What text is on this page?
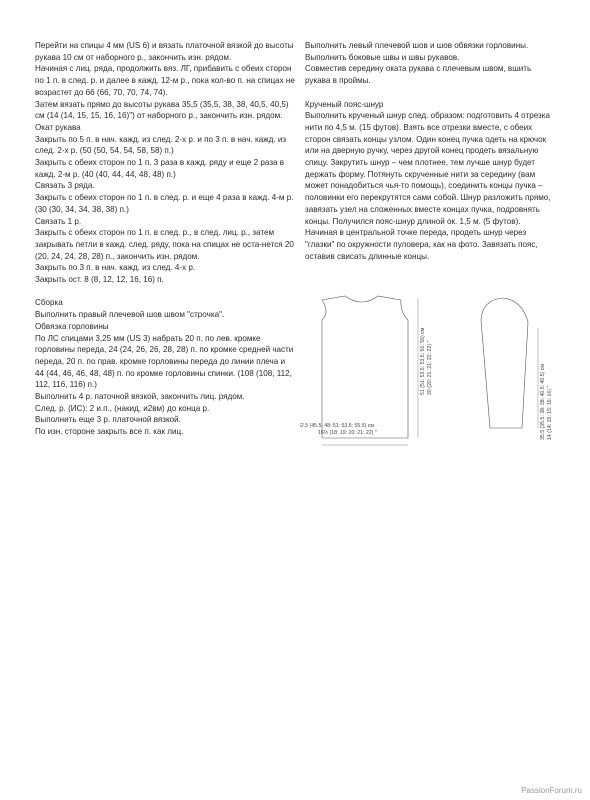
Перейти на спицы 4 мм (US 6) и вязать платочной вязкой до высоты рукава 10 см от наборного р., закончить изн. рядом.

Начиная с лиц. ряда, продолжить вяз. ЛГ, прибавить с обеих сторон по 1 п. в след. р. и далее в кажд. 12-м р., пока кол-во п. на спицах не возрастет до 66 (66, 70, 70, 74, 74).

Затем вязать прямо до высоты рукава 35,5 (35,5, 38, 38, 40,5, 40,5) см (14 (14, 15, 15, 16, 16)") от наборного р., закончить изн. рядом.

Окат рукава

Закрыть по 5 п. в нач. кажд. из след. 2-х р. и по 3 п. в нач. кажд. из след. 2-х р. (50 (50, 54, 54, 58, 58) п.)

Закрыть с обеих сторон по 1 п. 3 раза в кажд. ряду и еще 2 раза в кажд. 2-м р. (40 (40, 44, 44, 48, 48) п.)

Связать 3 ряда.

Закрыть с обеих сторон по 1 п. в след. р. и еще 4 раза в кажд. 4-м р. (30 (30, 34, 34, 38, 38) п.)

Связать 1 р.

Закрыть с обеих сторон по 1 п. в след. р., в след. лиц. р., затем закрывать петли в кажд. след. ряду, пока на спицах не оста-нется 20 (20, 24, 24, 28, 28) п., закончить изн. рядом.

Закрыть по 3 п. в нач. кажд. из след. 4-х р.

Закрыть ост. 8 (8, 12, 12, 16, 16) п.

Сборка

Выполнить правый плечевой шов швом "строчка".

Обвязка горловины

По ЛС спицами 3,25 мм (US 3) набрать 20 п. по лев. кромке горловины переда, 24 (24, 26, 26, 28, 28) п. по кромке средней части переда, 20 п. по прав. кромке горловины переда до линии плеча и 44 (44, 46, 46, 48, 48) п. по кромке горловины спинки. (108 (108, 112, 112, 116, 116) п.)

Выполнить 4 р. паточной вязкой, закончить лиц. рядом.

След. р. (ИС): 2 и.п., (накид, и2вм) до конца р.

Выполнить еще 3 р. платочной вязкой.

По изн. стороне закрыть все п. как лиц.

Выполнить левый плечевой шов и шов обвязки горловины.

Выполнить боковые швы и швы рукавов.

Совместив середину оката рукава с плечевым швом, вшить рукава в проймы.

Крученый пояс-шнур

Выполнить крученый шнур след. образом: подготовить 4 отрезка нити по 4,5 м. (15 футов). Взять все отрезки вместе, с обеих сторон связать концы узлом. Один конец пучка одеть на крючок или на дверную ручку, через другой конец продеть вязальную спицу. Закрутить шнур – чем плотнее, тем лучше шнур будет держать форму. Потянуть скрученные нити за середину (вам может понадобиться чья-то помощь), соединить концы пучка – половинки его перекрутятся сами собой. Шнур разложить прямо, завязать узел на сложенных вместе концах пучка, подровнять концы. Получился пояс-шнур длиной ок. 1,5 м. (5 футов).

Начиная в центральной точке переда, продеть шнур через "глазки" по окружности пуловера, как на фото. Завязать пояс, оставив свисать длинные концы.

51 (51: 53.5: 53.5: 56: 56) см 20 (20: 21: 21: 22: 22) "
42.5 (45.5: 48: 51: 53.5: 55.5) см
16½ (18: 19: 20: 21: 22) "	35.5 (35.5: 38: 38: 40.5: 40.5) см 14 (14: 15: 15: 16: 16) "
PassionForum.ru
